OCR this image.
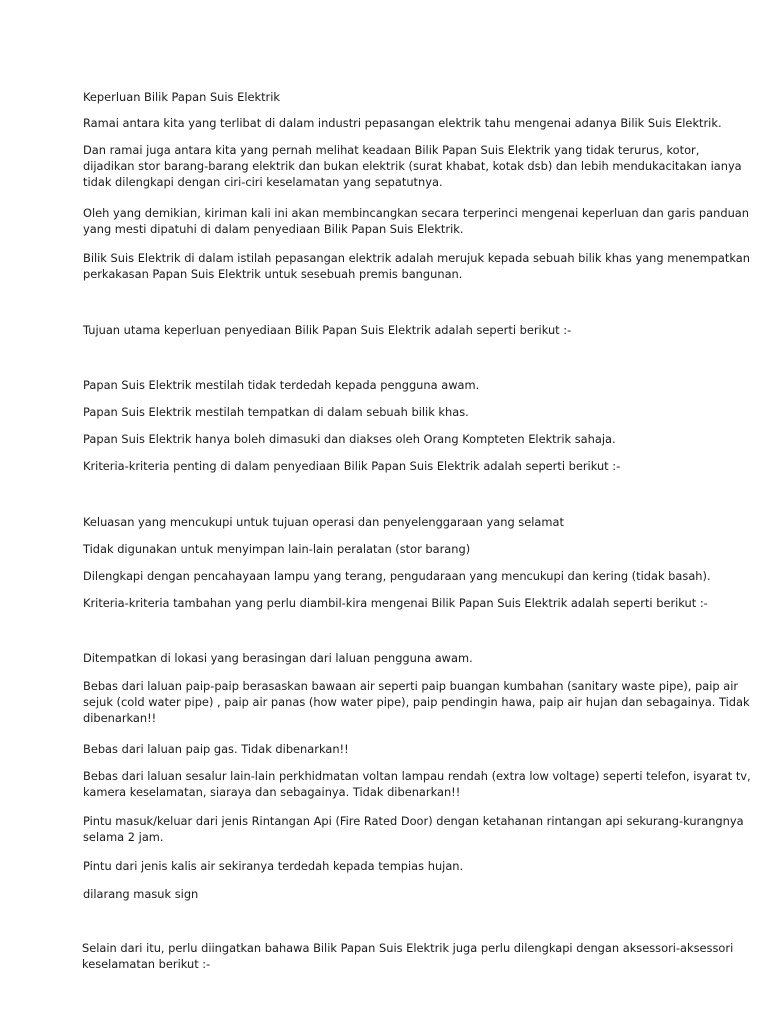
Keperluan Bilik Papan Suis Elektrik

Ramai antara kita yang terlibat di dalam industri pepasangan elektrik tahu mengenai adanya Bilik Suis Elektrik.

Dan ramai juga antara kita yang pernah melihat keadaan Bilik Papan Suis Elektrik yang tidak terurus, kotor, dijadikan stor barang-barang elektrik dan bukan elektrik (surat khabat, kotak dsb) dan lebih mendukacitakan ianya tidak dilengkapi dengan ciri-ciri keselamatan yang sepatutnya.

Oleh yang demikian, kiriman kali ini akan membincangkan secara terperinci mengenai keperluan dan garis panduan yang mesti dipatuhi di dalam penyediaan Bilik Papan Suis Elektrik.

Bilik Suis Elektrik di dalam istilah pepasangan elektrik adalah merujuk kepada sebuah bilik khas yang menempatkan perkakasan Papan Suis Elektrik untuk sesebuah premis bangunan.

Tujuan utama keperluan penyediaan Bilik Papan Suis Elektrik adalah seperti berikut :-

Papan Suis Elektrik mestilah tidak terdedah kepada pengguna awam.

Papan Suis Elektrik mestilah tempatkan di dalam sebuah bilik khas.

Papan Suis Elektrik hanya boleh dimasuki dan diakses oleh Orang Kompteten Elektrik sahaja.

Kriteria-kriteria penting di dalam penyediaan Bilik Papan Suis Elektrik adalah seperti berikut :-

Keluasan yang mencukupi untuk tujuan operasi dan penyelenggaraan yang selamat

Tidak digunakan untuk menyimpan lain-lain peralatan (stor barang)

Dilengkapi dengan pencahayaan lampu yang terang, pengudaraan yang mencukupi dan kering (tidak basah).

Kriteria-kriteria tambahan yang perlu diambil-kira mengenai Bilik Papan Suis Elektrik adalah seperti berikut :-

Ditempatkan di lokasi yang berasingan dari laluan pengguna awam.

Bebas dari laluan paip-paip berasaskan bawaan air seperti paip buangan kumbahan (sanitary waste pipe), paip air sejuk (cold water pipe) , paip air panas (how water pipe), paip pendingin hawa, paip air hujan dan sebagainya. Tidak dibenarkan!!

Bebas dari laluan paip gas. Tidak dibenarkan!!

Bebas dari laluan sesalur lain-lain perkhidmatan voltan lampau rendah (extra low voltage) seperti telefon, isyarat tv, kamera keselamatan, siaraya dan sebagainya. Tidak dibenarkan!!

Pintu masuk/keluar dari jenis Rintangan Api (Fire Rated Door) dengan ketahanan rintangan api sekurang-kurangnya selama 2 jam.

Pintu dari jenis kalis air sekiranya terdedah kepada tempias hujan.

dilarang masuk sign

Selain dari itu, perlu diingatkan bahawa Bilik Papan Suis Elektrik juga perlu dilengkapi dengan aksessori-aksessori keselamatan berikut :-
